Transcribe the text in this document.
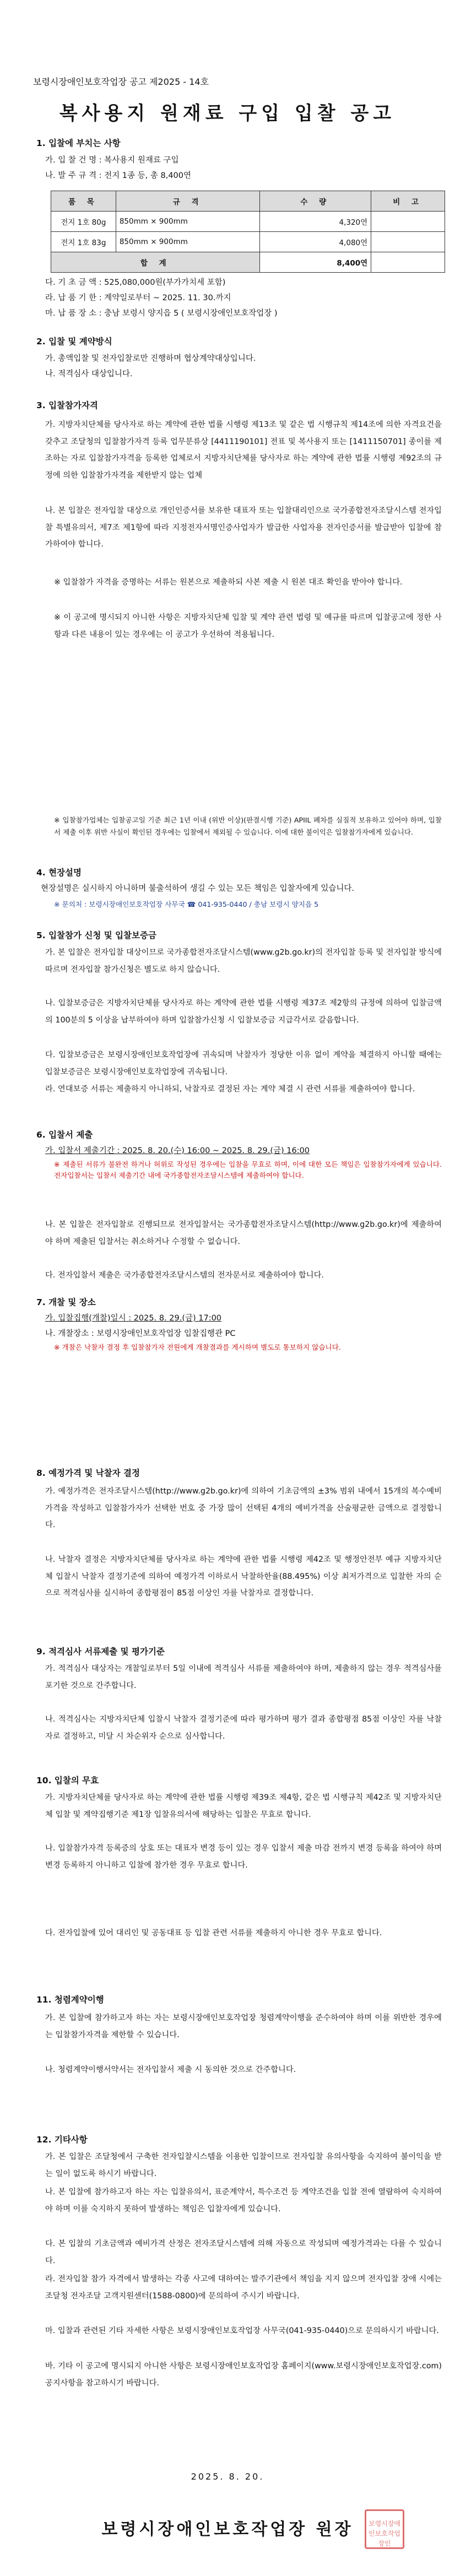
보령시장애인보호작업장 공고 제2025 - 14호
복사용지 원재료 구입 입찰 공고
1. 입찰에 부치는 사항
가. 입 찰 건 명 : 복사용지 원재료 구입
나. 발 주 규 격 : 전지 1종 등, 총 8,400연
품 목	규 격	수 량	비 고
전지 1호 80g	850mm × 900mm	4,320연	
전지 1호 83g	850mm × 900mm	4,080연	
합 계		8,400연	
다. 기 초 금 액 : 525,080,000원(부가가치세 포함)
라. 납 품 기 한 : 계약일로부터 ~ 2025. 11. 30.까지
마. 납 품 장 소 : 충남 보령시 양지읍 5 ( 보령시장애인보호작업장 )
2. 입찰 및 계약방식
가. 총액입찰 및 전자입찰로만 진행하며 협상계약대상입니다.
나. 적격심사 대상입니다.
3. 입찰참가자격
가. 지방자치단체를 당사자로 하는 계약에 관한 법률 시행령 제13조 및 같은 법 시행규칙 제14조에 의한 자격요건을 갖추고 조달청의 입찰참가자격 등록 업무분류상 [4411190101] 전표 및 복사용지 또는 [1411150701] 종이를 제조하는 자로 입찰참가자격을 등록한 업체로서 지방자치단체를 당사자로 하는 계약에 관한 법률 시행령 제92조의 규정에 의한 입찰참가자격을 제한받지 않는 업체
나. 본 입찰은 전자입찰 대상으로 개인인증서를 보유한 대표자 또는 입찰대리인으로 국가종합전자조달시스템 전자입찰 특별유의서, 제7조 제1항에 따라 지정전자서명인증사업자가 발급한 사업자용 전자인증서를 발급받아 입찰에 참가하여야 합니다.
※ 입찰참가 자격을 증명하는 서류는 원본으로 제출하되 사본 제출 시 원본 대조 확인을 받아야 합니다.
※ 이 공고에 명시되지 아니한 사항은 지방자치단체 입찰 및 계약 관련 법령 및 예규를 따르며 입찰공고에 정한 사항과 다른 내용이 있는 경우에는 이 공고가 우선하여 적용됩니다.
※ 입찰참가업체는 입찰공고일 기준 최근 1년 이내 (위반 이상)(판결시행 기준) APIIL 폐차를 실질적 보유하고 있어야 하며, 입찰서 제출 이후 위반 사실이 확인된 경우에는 입찰에서 제외될 수 있습니다. 이에 대한 불이익은 입찰참가자에게 있습니다.
4. 현장설명
현장설명은 실시하지 아니하며 불출석하여 생길 수 있는 모든 책임은 입찰자에게 있습니다.
※ 문의처 : 보령시장애인보호작업장 사무국 ☎ 041-935-0440 / 충남 보령시 양지읍 5
5. 입찰참가 신청 및 입찰보증금
가. 본 입찰은 전자입찰 대상이므로 국가종합전자조달시스템(www.g2b.go.kr)의 전자입찰 등록 및 전자입찰 방식에 따르며 전자입찰 참가신청은 별도로 하지 않습니다.
나. 입찰보증금은 지방자치단체를 당사자로 하는 계약에 관한 법률 시행령 제37조 제2항의 규정에 의하여 입찰금액의 100분의 5 이상을 납부하여야 하며 입찰참가신청 시 입찰보증금 지급각서로 갈음합니다.
다. 입찰보증금은 보령시장애인보호작업장에 귀속되며 낙찰자가 정당한 이유 없이 계약을 체결하지 아니할 때에는 입찰보증금은 보령시장애인보호작업장에 귀속됩니다.
라. 연대보증 서류는 제출하지 아니하되, 낙찰자로 결정된 자는 계약 체결 시 관련 서류를 제출하여야 합니다.
6. 입찰서 제출
가. 입찰서 제출기간 : 2025. 8. 20.(수) 16:00 ~ 2025. 8. 29.(금) 16:00
※ 제출된 서류가 불완전 하거나 허위로 작성된 경우에는 입찰을 무효로 하며, 이에 대한 모든 책임은 입찰참가자에게 있습니다. 전자입찰서는 입찰서 제출기간 내에 국가종합전자조달시스템에 제출하여야 합니다.
나. 본 입찰은 전자입찰로 진행되므로 전자입찰서는 국가종합전자조달시스템(http://www.g2b.go.kr)에 제출하여야 하며 제출된 입찰서는 취소하거나 수정할 수 없습니다.
다. 전자입찰서 제출은 국가종합전자조달시스템의 전자문서로 제출하여야 합니다.
7. 개찰 및 장소
가. 입찰집행(개찰)일시 : 2025. 8. 29.(금) 17:00
나. 개찰장소 : 보령시장애인보호작업장 입찰집행관 PC
※ 개찰은 낙찰자 결정 후 입찰참가자 전원에게 개찰결과를 게시하며 별도로 통보하지 않습니다.
8. 예정가격 및 낙찰자 결정
가. 예정가격은 전자조달시스템(http://www.g2b.go.kr)에 의하여 기초금액의 ±3% 범위 내에서 15개의 복수예비가격을 작성하고 입찰참가자가 선택한 번호 중 가장 많이 선택된 4개의 예비가격을 산술평균한 금액으로 결정합니다.
나. 낙찰자 결정은 지방자치단체를 당사자로 하는 계약에 관한 법률 시행령 제42조 및 행정안전부 예규 지방자치단체 입찰시 낙찰자 결정기준에 의하여 예정가격 이하로서 낙찰하한율(88.495%) 이상 최저가격으로 입찰한 자의 순으로 적격심사를 실시하여 종합평점이 85점 이상인 자를 낙찰자로 결정합니다.
9. 적격심사 서류제출 및 평가기준
가. 적격심사 대상자는 개찰일로부터 5일 이내에 적격심사 서류를 제출하여야 하며, 제출하지 않는 경우 적격심사를 포기한 것으로 간주합니다.
나. 적격심사는 지방자치단체 입찰시 낙찰자 결정기준에 따라 평가하며 평가 결과 종합평점 85점 이상인 자를 낙찰자로 결정하고, 미달 시 차순위자 순으로 심사합니다.
10. 입찰의 무효
가. 지방자치단체를 당사자로 하는 계약에 관한 법률 시행령 제39조 제4항, 같은 법 시행규칙 제42조 및 지방자치단체 입찰 및 계약집행기준 제1장 입찰유의서에 해당하는 입찰은 무효로 합니다.
나. 입찰참가자격 등록증의 상호 또는 대표자 변경 등이 있는 경우 입찰서 제출 마감 전까지 변경 등록을 하여야 하며 변경 등록하지 아니하고 입찰에 참가한 경우 무효로 합니다.
다. 전자입찰에 있어 대리인 및 공동대표 등 입찰 관련 서류를 제출하지 아니한 경우 무효로 합니다.
11. 청렴계약이행
가. 본 입찰에 참가하고자 하는 자는 보령시장애인보호작업장 청렴계약이행을 준수하여야 하며 이를 위반한 경우에는 입찰참가자격을 제한할 수 있습니다.
나. 청렴계약이행서약서는 전자입찰서 제출 시 동의한 것으로 간주합니다.
12. 기타사항
가. 본 입찰은 조달청에서 구축한 전자입찰시스템을 이용한 입찰이므로 전자입찰 유의사항을 숙지하여 불이익을 받는 일이 없도록 하시기 바랍니다.
나. 본 입찰에 참가하고자 하는 자는 입찰유의서, 표준계약서, 특수조건 등 계약조건을 입찰 전에 열람하여 숙지하여야 하며 이를 숙지하지 못하여 발생하는 책임은 입찰자에게 있습니다.
다. 본 입찰의 기초금액과 예비가격 산정은 전자조달시스템에 의해 자동으로 작성되며 예정가격과는 다를 수 있습니다.
라. 전자입찰 참가 자격에서 발생하는 각종 사고에 대하여는 발주기관에서 책임을 지지 않으며 전자입찰 장애 시에는 조달청 전자조달 고객지원센터(1588-0800)에 문의하여 주시기 바랍니다.
마. 입찰과 관련된 기타 자세한 사항은 보령시장애인보호작업장 사무국(041-935-0440)으로 문의하시기 바랍니다.
바. 기타 이 공고에 명시되지 아니한 사항은 보령시장애인보호작업장 홈페이지(www.보령시장애인보호작업장.com) 공지사항을 참고하시기 바랍니다.
2025. 8. 20.
보령시장애인보호작업장 원장	보령시장애인보호작업장인
